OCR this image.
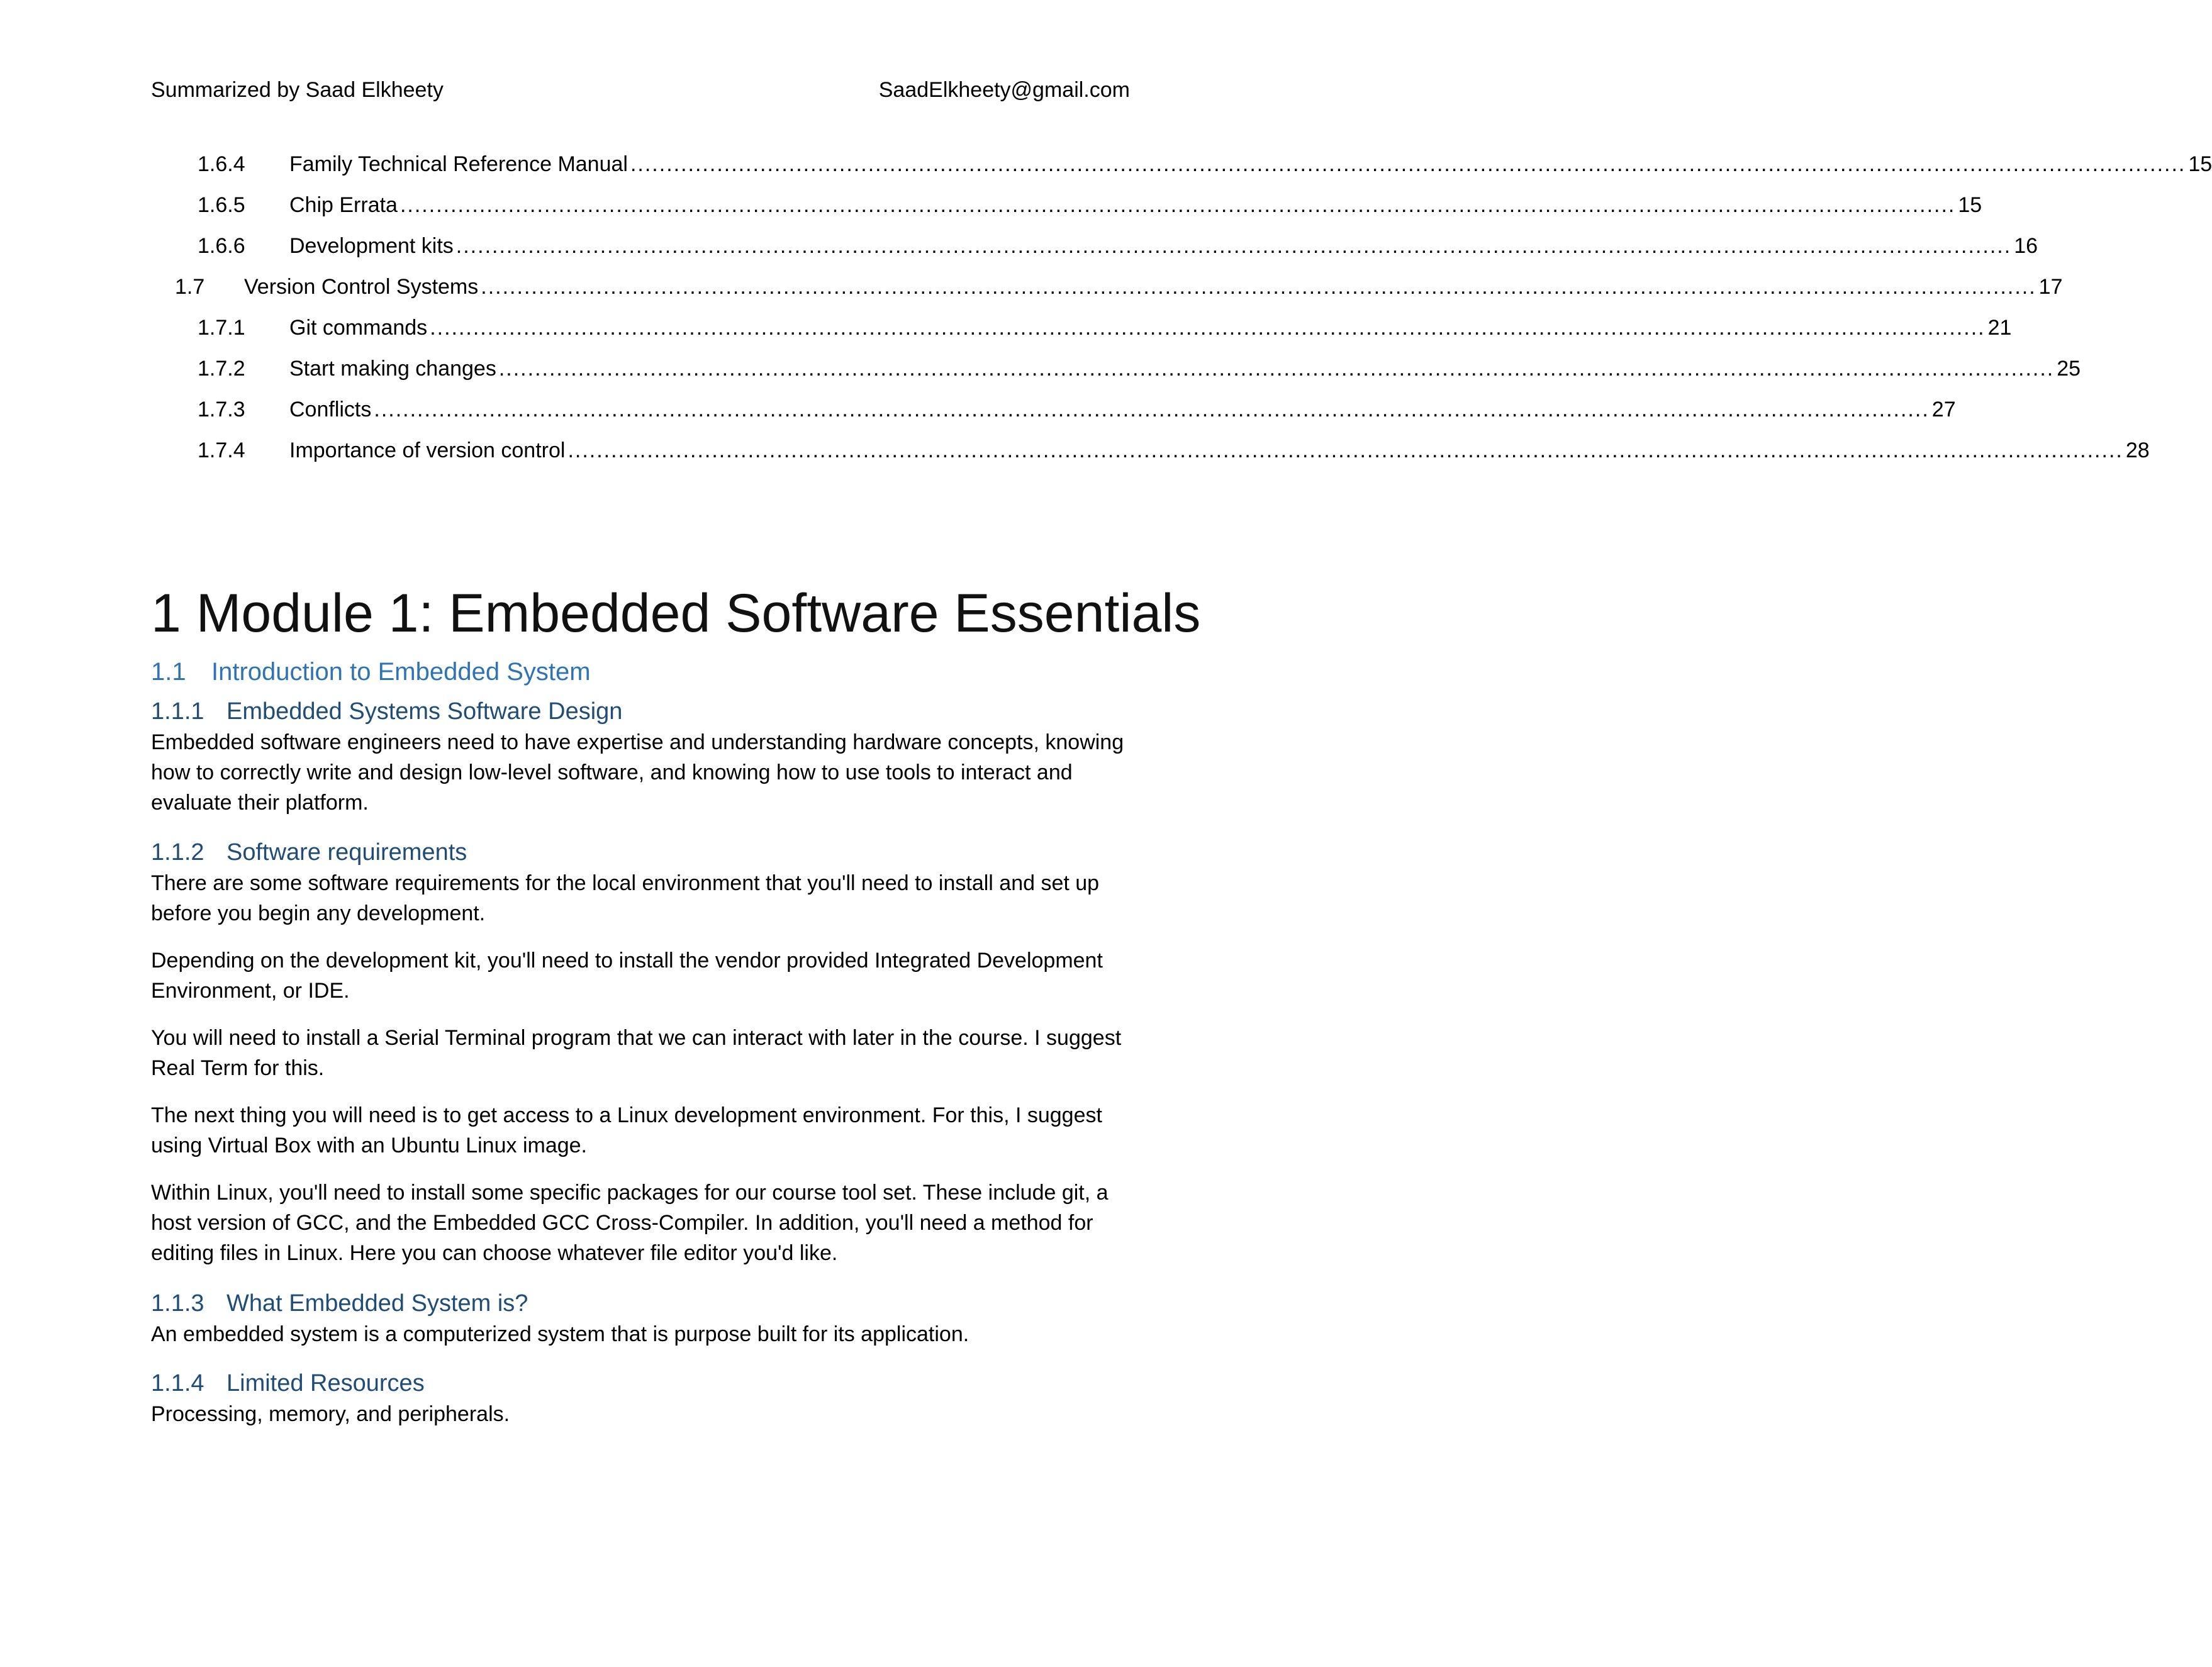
Summarized by Saad Elkheety	SaadElkheety@gmail.com
1.6.4	Family Technical Reference Manual ........................................................................................................................................................................................................................ 15
1.6.5	Chip Errata ........................................................................................................................................................................................................................ 15
1.6.6	Development kits ........................................................................................................................................................................................................................ 16
1.7	Version Control Systems ........................................................................................................................................................................................................................ 17
1.7.1	Git commands ........................................................................................................................................................................................................................ 21
1.7.2	Start making changes ........................................................................................................................................................................................................................ 25
1.7.3	Conflicts ........................................................................................................................................................................................................................ 27
1.7.4	Importance of version control ........................................................................................................................................................................................................................ 28
1 Module 1: Embedded Software Essentials
1.1 Introduction to Embedded System
1.1.1 Embedded Systems Software Design
Embedded software engineers need to have expertise and understanding hardware concepts, knowing how to correctly write and design low-level software, and knowing how to use tools to interact and evaluate their platform.
1.1.2 Software requirements
There are some software requirements for the local environment that you'll need to install and set up before you begin any development.
Depending on the development kit, you'll need to install the vendor provided Integrated Development Environment, or IDE.
You will need to install a Serial Terminal program that we can interact with later in the course. I suggest Real Term for this.
The next thing you will need is to get access to a Linux development environment. For this, I suggest using Virtual Box with an Ubuntu Linux image.
Within Linux, you'll need to install some specific packages for our course tool set. These include git, a host version of GCC, and the Embedded GCC Cross-Compiler. In addition, you'll need a method for editing files in Linux. Here you can choose whatever file editor you'd like.
1.1.3 What Embedded System is?
An embedded system is a computerized system that is purpose built for its application.
1.1.4 Limited Resources
Processing, memory, and peripherals.
